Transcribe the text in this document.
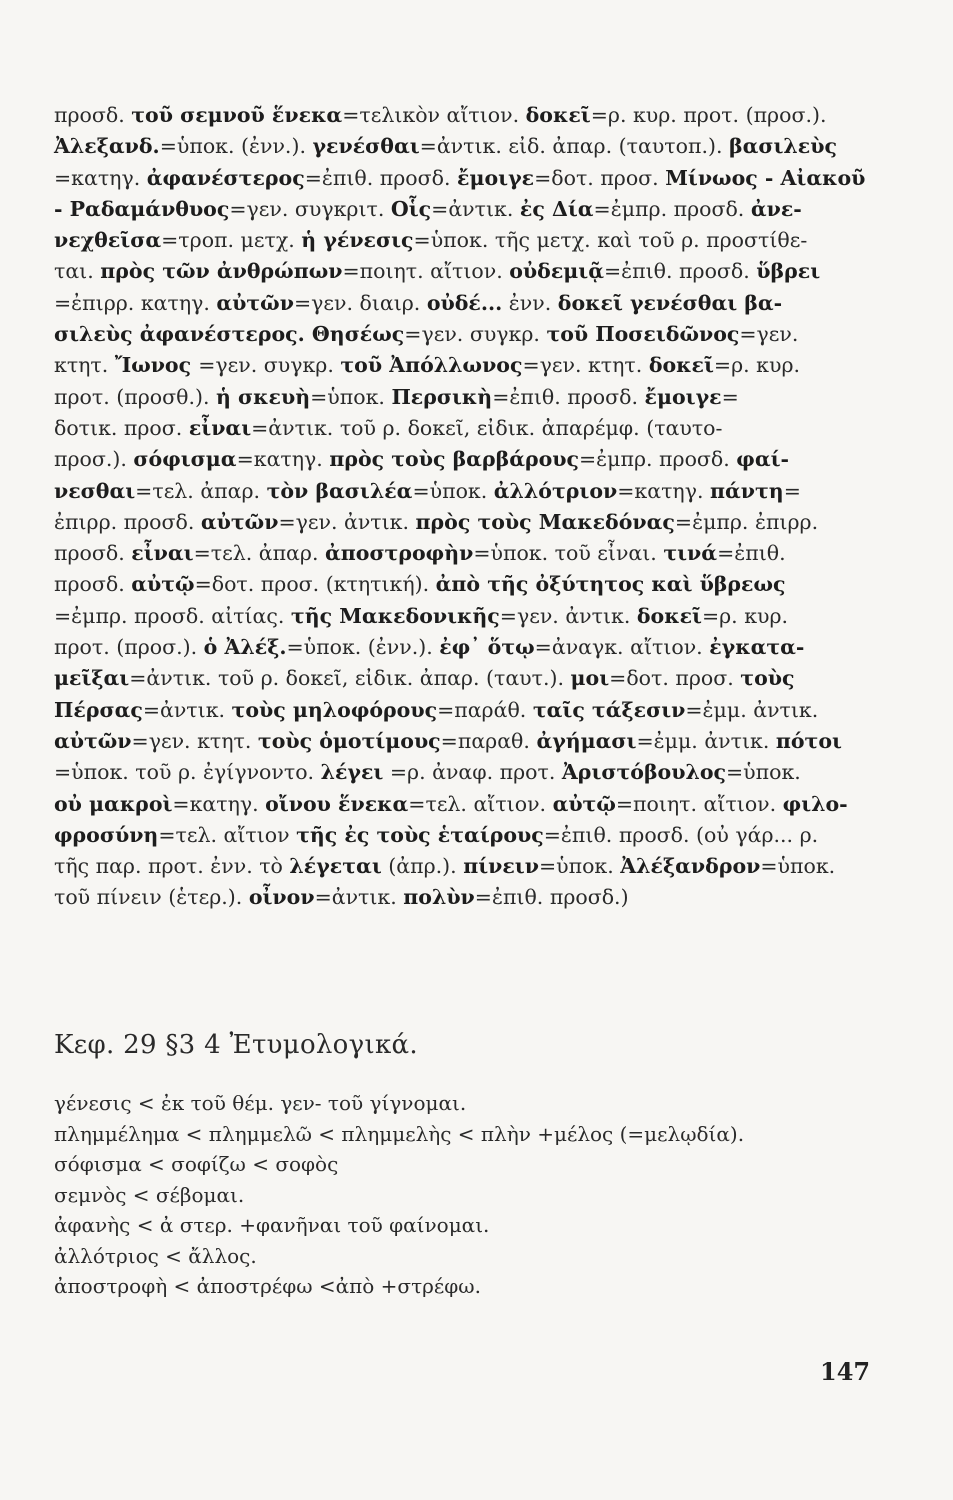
προσδ. τοῦ σεμνοῦ ἕνεκα=τελικὸν αἴτιον. δοκεῖ=ρ. κυρ. προτ. (προσ.).
Ἀλεξανδ.=ὑποκ. (ἐνν.). γενέσθαι=ἀντικ. εἰδ. ἀπαρ. (ταυτοπ.). βασιλεὺς
=κατηγ. ἀφανέστερος=ἐπιθ. προσδ. ἔμοιγε=δοτ. προσ. Μίνωος - Αἰακοῦ
- Ραδαμάνθυος=γεν. συγκριτ. Οἷς=ἀντικ. ἐς Δία=ἐμπρ. προσδ. ἀνε-
νεχθεῖσα=τροπ. μετχ. ἡ γένεσις=ὑποκ. τῆς μετχ. καὶ τοῦ ρ. προστίθε-
ται. πρὸς τῶν ἀνθρώπων=ποιητ. αἴτιον. οὐδεμιᾷ=ἐπιθ. προσδ. ὕβρει
=ἐπιρρ. κατηγ. αὐτῶν=γεν. διαιρ. οὐδέ... ἐνν. δοκεῖ γενέσθαι βα-
σιλεὺς ἀφανέστερος. Θησέως=γεν. συγκρ. τοῦ Ποσειδῶνος=γεν.
κτητ. Ἴωνος =γεν. συγκρ. τοῦ Ἀπόλλωνος=γεν. κτητ. δοκεῖ=ρ. κυρ.
προτ. (προσθ.). ἡ σκευὴ=ὑποκ. Περσικὴ=ἐπιθ. προσδ. ἔμοιγε=
δοτικ. προσ. εἶναι=ἀντικ. τοῦ ρ. δοκεῖ, εἰδικ. ἀπαρέμφ. (ταυτο-
προσ.). σόφισμα=κατηγ. πρὸς τοὺς βαρβάρους=ἐμπρ. προσδ. φαί-
νεσθαι=τελ. ἀπαρ. τὸν βασιλέα=ὑποκ. ἀλλότριον=κατηγ. πάντη=
ἐπιρρ. προσδ. αὐτῶν=γεν. ἀντικ. πρὸς τοὺς Μακεδόνας=ἐμπρ. ἐπιρρ.
προσδ. εἶναι=τελ. ἀπαρ. ἀποστροφὴν=ὑποκ. τοῦ εἶναι. τινά=ἐπιθ.
προσδ. αὐτῷ=δοτ. προσ. (κτητική). ἀπὸ τῆς ὀξύτητος καὶ ὕβρεως
=ἐμπρ. προσδ. αἰτίας. τῆς Μακεδονικῆς=γεν. ἀντικ. δοκεῖ=ρ. κυρ.
προτ. (προσ.). ὁ Ἀλέξ.=ὑποκ. (ἐνν.). ἐφ᾽ ὅτῳ=ἀναγκ. αἴτιον. ἐγκατα-
μεῖξαι=ἀντικ. τοῦ ρ. δοκεῖ, εἰδικ. ἀπαρ. (ταυτ.). μοι=δοτ. προσ. τοὺς
Πέρσας=ἀντικ. τοὺς μηλοφόρους=παράθ. ταῖς τάξεσιν=ἐμμ. ἀντικ.
αὐτῶν=γεν. κτητ. τοὺς ὁμοτίμους=παραθ. ἀγήμασι=ἐμμ. ἀντικ. πότοι
=ὑποκ. τοῦ ρ. ἐγίγνοντο. λέγει =ρ. ἀναφ. προτ. Ἀριστόβουλος=ὑποκ.
οὐ μακροὶ=κατηγ. οἴνου ἕνεκα=τελ. αἴτιον. αὐτῷ=ποιητ. αἴτιον. φιλο-
φροσύνη=τελ. αἴτιον τῆς ἐς τοὺς ἑταίρους=ἐπιθ. προσδ. (οὐ γάρ... ρ.
τῆς παρ. προτ. ἐνν. τὸ λέγεται (ἀπρ.). πίνειν=ὑποκ. Ἀλέξανδρον=ὑποκ.
τοῦ πίνειν (ἑτερ.). οἶνον=ἀντικ. πολὺν=ἐπιθ. προσδ.)
Κεφ. 29 §3 4 Ἐτυμολογικά.
γένεσις < ἐκ τοῦ θέμ. γεν- τοῦ γίγνομαι.
πλημμέλημα < πλημμελῶ < πλημμελὴς < πλὴν +μέλος (=μελῳδία).
σόφισμα < σοφίζω < σοφὸς
σεμνὸς < σέβομαι.
ἀφανὴς < ἀ στερ. +φανῆναι τοῦ φαίνομαι.
ἀλλότριος < ἄλλος.
ἀποστροφὴ < ἀποστρέφω <ἀπὸ +στρέφω.
147
